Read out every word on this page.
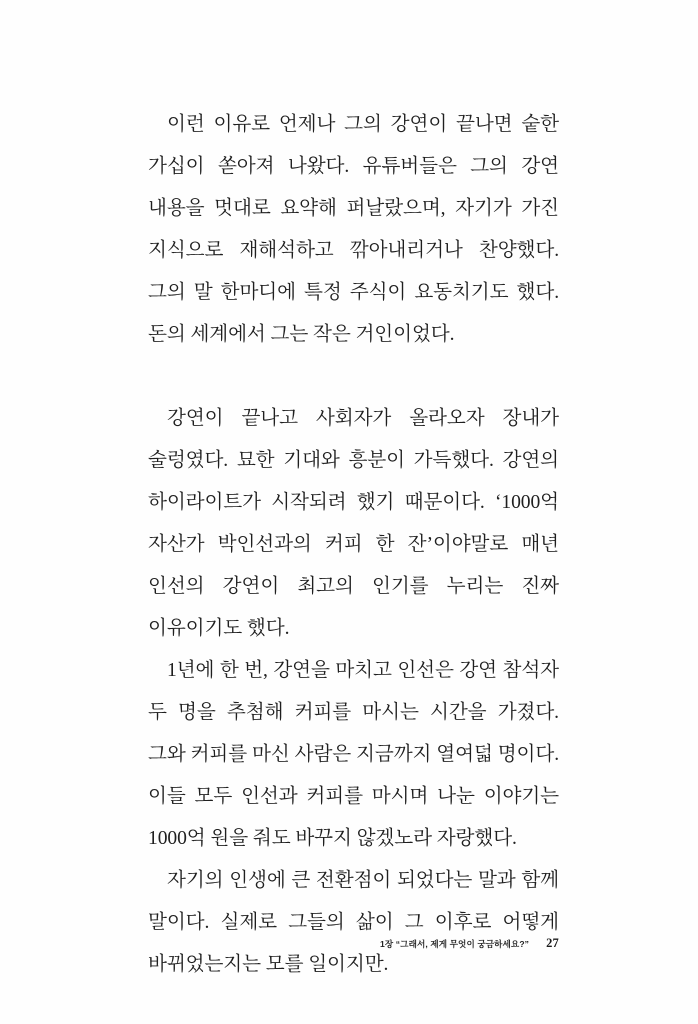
이런 이유로 언제나 그의 강연이 끝나면 숱한 가십이 쏟아져 나왔다. 유튜버들은 그의 강연 내용을 멋대로 요약해 퍼날랐으며, 자기가 가진 지식으로 재해석하고 깎아내리거나 찬양했다. 그의 말 한마디에 특정 주식이 요동치기도 했다. 돈의 세계에서 그는 작은 거인이었다.

강연이 끝나고 사회자가 올라오자 장내가 술렁였다. 묘한 기대와 흥분이 가득했다. 강연의 하이라이트가 시작되려 했기 때문이다. ‘1000억 자산가 박인선과의 커피 한 잔’이야말로 매년 인선의 강연이 최고의 인기를 누리는 진짜 이유이기도 했다.

1년에 한 번, 강연을 마치고 인선은 강연 참석자 두 명을 추첨해 커피를 마시는 시간을 가졌다. 그와 커피를 마신 사람은 지금까지 열여덟 명이다. 이들 모두 인선과 커피를 마시며 나눈 이야기는 1000억 원을 줘도 바꾸지 않겠노라 자랑했다.

자기의 인생에 큰 전환점이 되었다는 말과 함께 말이다. 실제로 그들의 삶이 그 이후로 어떻게 바뀌었는지는 모를 일이지만.

1장 “그래서, 제게 무엇이 궁금하세요?” 27
